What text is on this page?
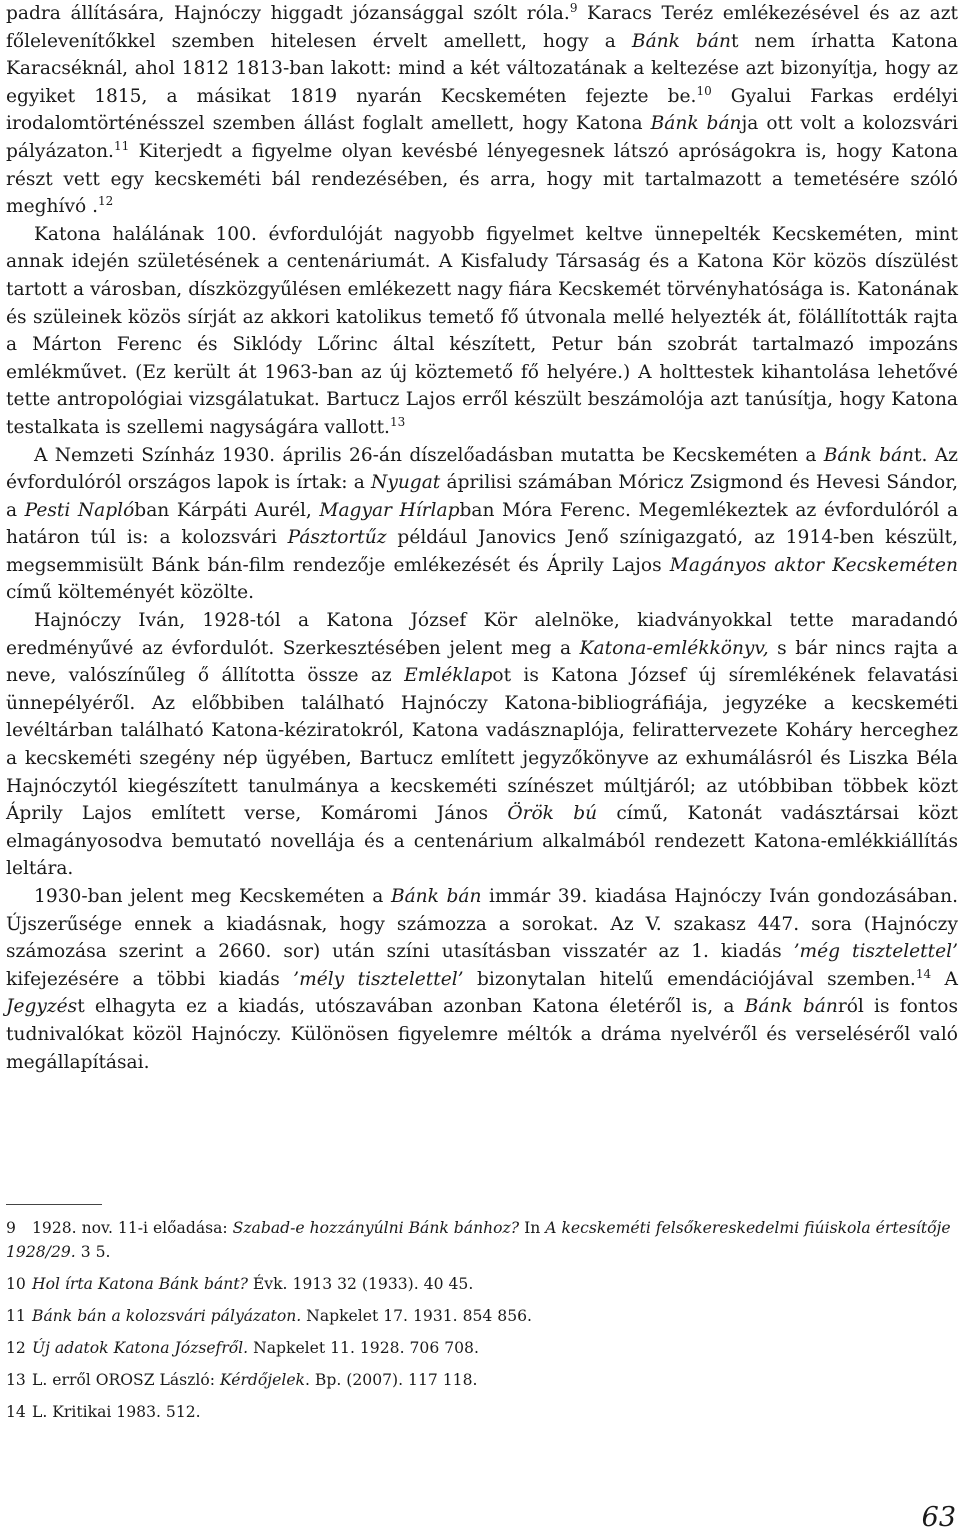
padra állítására, Hajnóczy higgadt józansággal szólt róla.$^9$ Karacs Teréz emlékezésével és az azt főlelevenítőkkel szemben hitelesen érvelt amellett, hogy a Bánk bánt nem írhatta Katona Karacséknál, ahol 1812 1813-ban lakott: mind a két változatának a keltezése azt bizonyítja, hogy az egyiket 1815, a másikat 1819 nyarán Kecskeméten fejezte be.$^{10}$ Gyalui Farkas erdélyi irodalomtörténésszel szemben állást foglalt amellett, hogy Katona Bánk bánja ott volt a kolozsvári pályázaton.$^{11}$ Kiterjedt a figyelme olyan kevésbé lényegesnek látszó apróságokra is, hogy Katona részt vett egy kecskeméti bál rendezésében, és arra, hogy mit tartalmazott a temetésére szóló meghívó .$^{12}$

Katona halálának 100. évfordulóját nagyobb figyelmet keltve ünnepelték Kecskeméten, mint annak idején születésének a centenáriumát. A Kisfaludy Társaság és a Katona Kör közös díszülést tartott a városban, díszközgyűlésen emlékezett nagy fiára Kecskemét törvényhatósága is. Katonának és szüleinek közös sírját az akkori katolikus temető fő útvonala mellé helyezték át, fölállították rajta a Márton Ferenc és Siklódy Lőrinc által készített, Petur bán szobrát tartalmazó impozáns emlékművet. (Ez került át 1963-ban az új köztemető fő helyére.) A holttestek kihantolása lehetővé tette antropológiai vizsgálatukat. Bartucz Lajos erről készült beszámolója azt tanúsítja, hogy Katona testalkata is szellemi nagyságára vallott.$^{13}$

A Nemzeti Színház 1930. április 26-án díszelőadásban mutatta be Kecskeméten a Bánk bánt. Az évfordulóról országos lapok is írtak: a Nyugat áprilisi számában Móricz Zsigmond és Hevesi Sándor, a Pesti Naplóban Kárpáti Aurél, Magyar Hírlapban Móra Ferenc. Megemlékeztek az évfordulóról a határon túl is: a kolozsvári Pásztortűz például Janovics Jenő színigazgató, az 1914-ben készült, megsemmisült Bánk bán-film rendezője emlékezését és Áprily Lajos Magányos aktor Kecskeméten című költeményét közölte.

Hajnóczy Iván, 1928-tól a Katona József Kör alelnöke, kiadványokkal tette maradandó eredményűvé az évfordulót. Szerkesztésében jelent meg a Katona-emlékkönyv, s bár nincs rajta a neve, valószínűleg ő állította össze az Emléklapot is Katona József új síremlékének felavatási ünnepélyéről. Az előbbiben található Hajnóczy Katona-bibliográfiája, jegyzéke a kecskeméti levéltárban található Katona-kéziratokról, Katona vadásznaplója, felirattervezete Koháry herceghez a kecskeméti szegény nép ügyében, Bartucz említett jegyzőkönyve az exhumálásról és Liszka Béla Hajnóczytól kiegészített tanulmánya a kecskeméti színészet múltjáról; az utóbbiban többek közt Áprily Lajos említett verse, Komáromi János Örök bú című, Katonát vadásztársai közt elmagányosodva bemutató novellája és a centenárium alkalmából rendezett Katona-emlékkiállítás leltára.

1930-ban jelent meg Kecskeméten a Bánk bán immár 39. kiadása Hajnóczy Iván gondozásában. Újszerűsége ennek a kiadásnak, hogy számozza a sorokat. Az V. szakasz 447. sora (Hajnóczy számozása szerint a 2660. sor) után színi utasításban visszatér az 1. kiadás ’még tisztelettel’ kifejezésére a többi kiadás ’mély tisztelettel’ bizonytalan hitelű emendációjával szemben.$^{14}$ A Jegyzést elhagyta ez a kiadás, utószavában azonban Katona életéről is, a Bánk bánról is fontos tudnivalókat közöl Hajnóczy. Különösen figyelemre méltók a dráma nyelvéről és verseléséről való megállapításai.

9 1928. nov. 11-i előadása: Szabad-e hozzányúlni Bánk bánhoz? In A kecskeméti felsőkereskedelmi fiúiskola értesítője 1928/29. 3 5.
10 Hol írta Katona Bánk bánt? Évk. 1913 32 (1933). 40 45.
11 Bánk bán a kolozsvári pályázaton. Napkelet 17. 1931. 854 856.
12 Új adatok Katona Józsefről. Napkelet 11. 1928. 706 708.
13 L. erről OROSZ László: Kérdőjelek. Bp. (2007). 117 118.
14 L. Kritikai 1983. 512.
63
